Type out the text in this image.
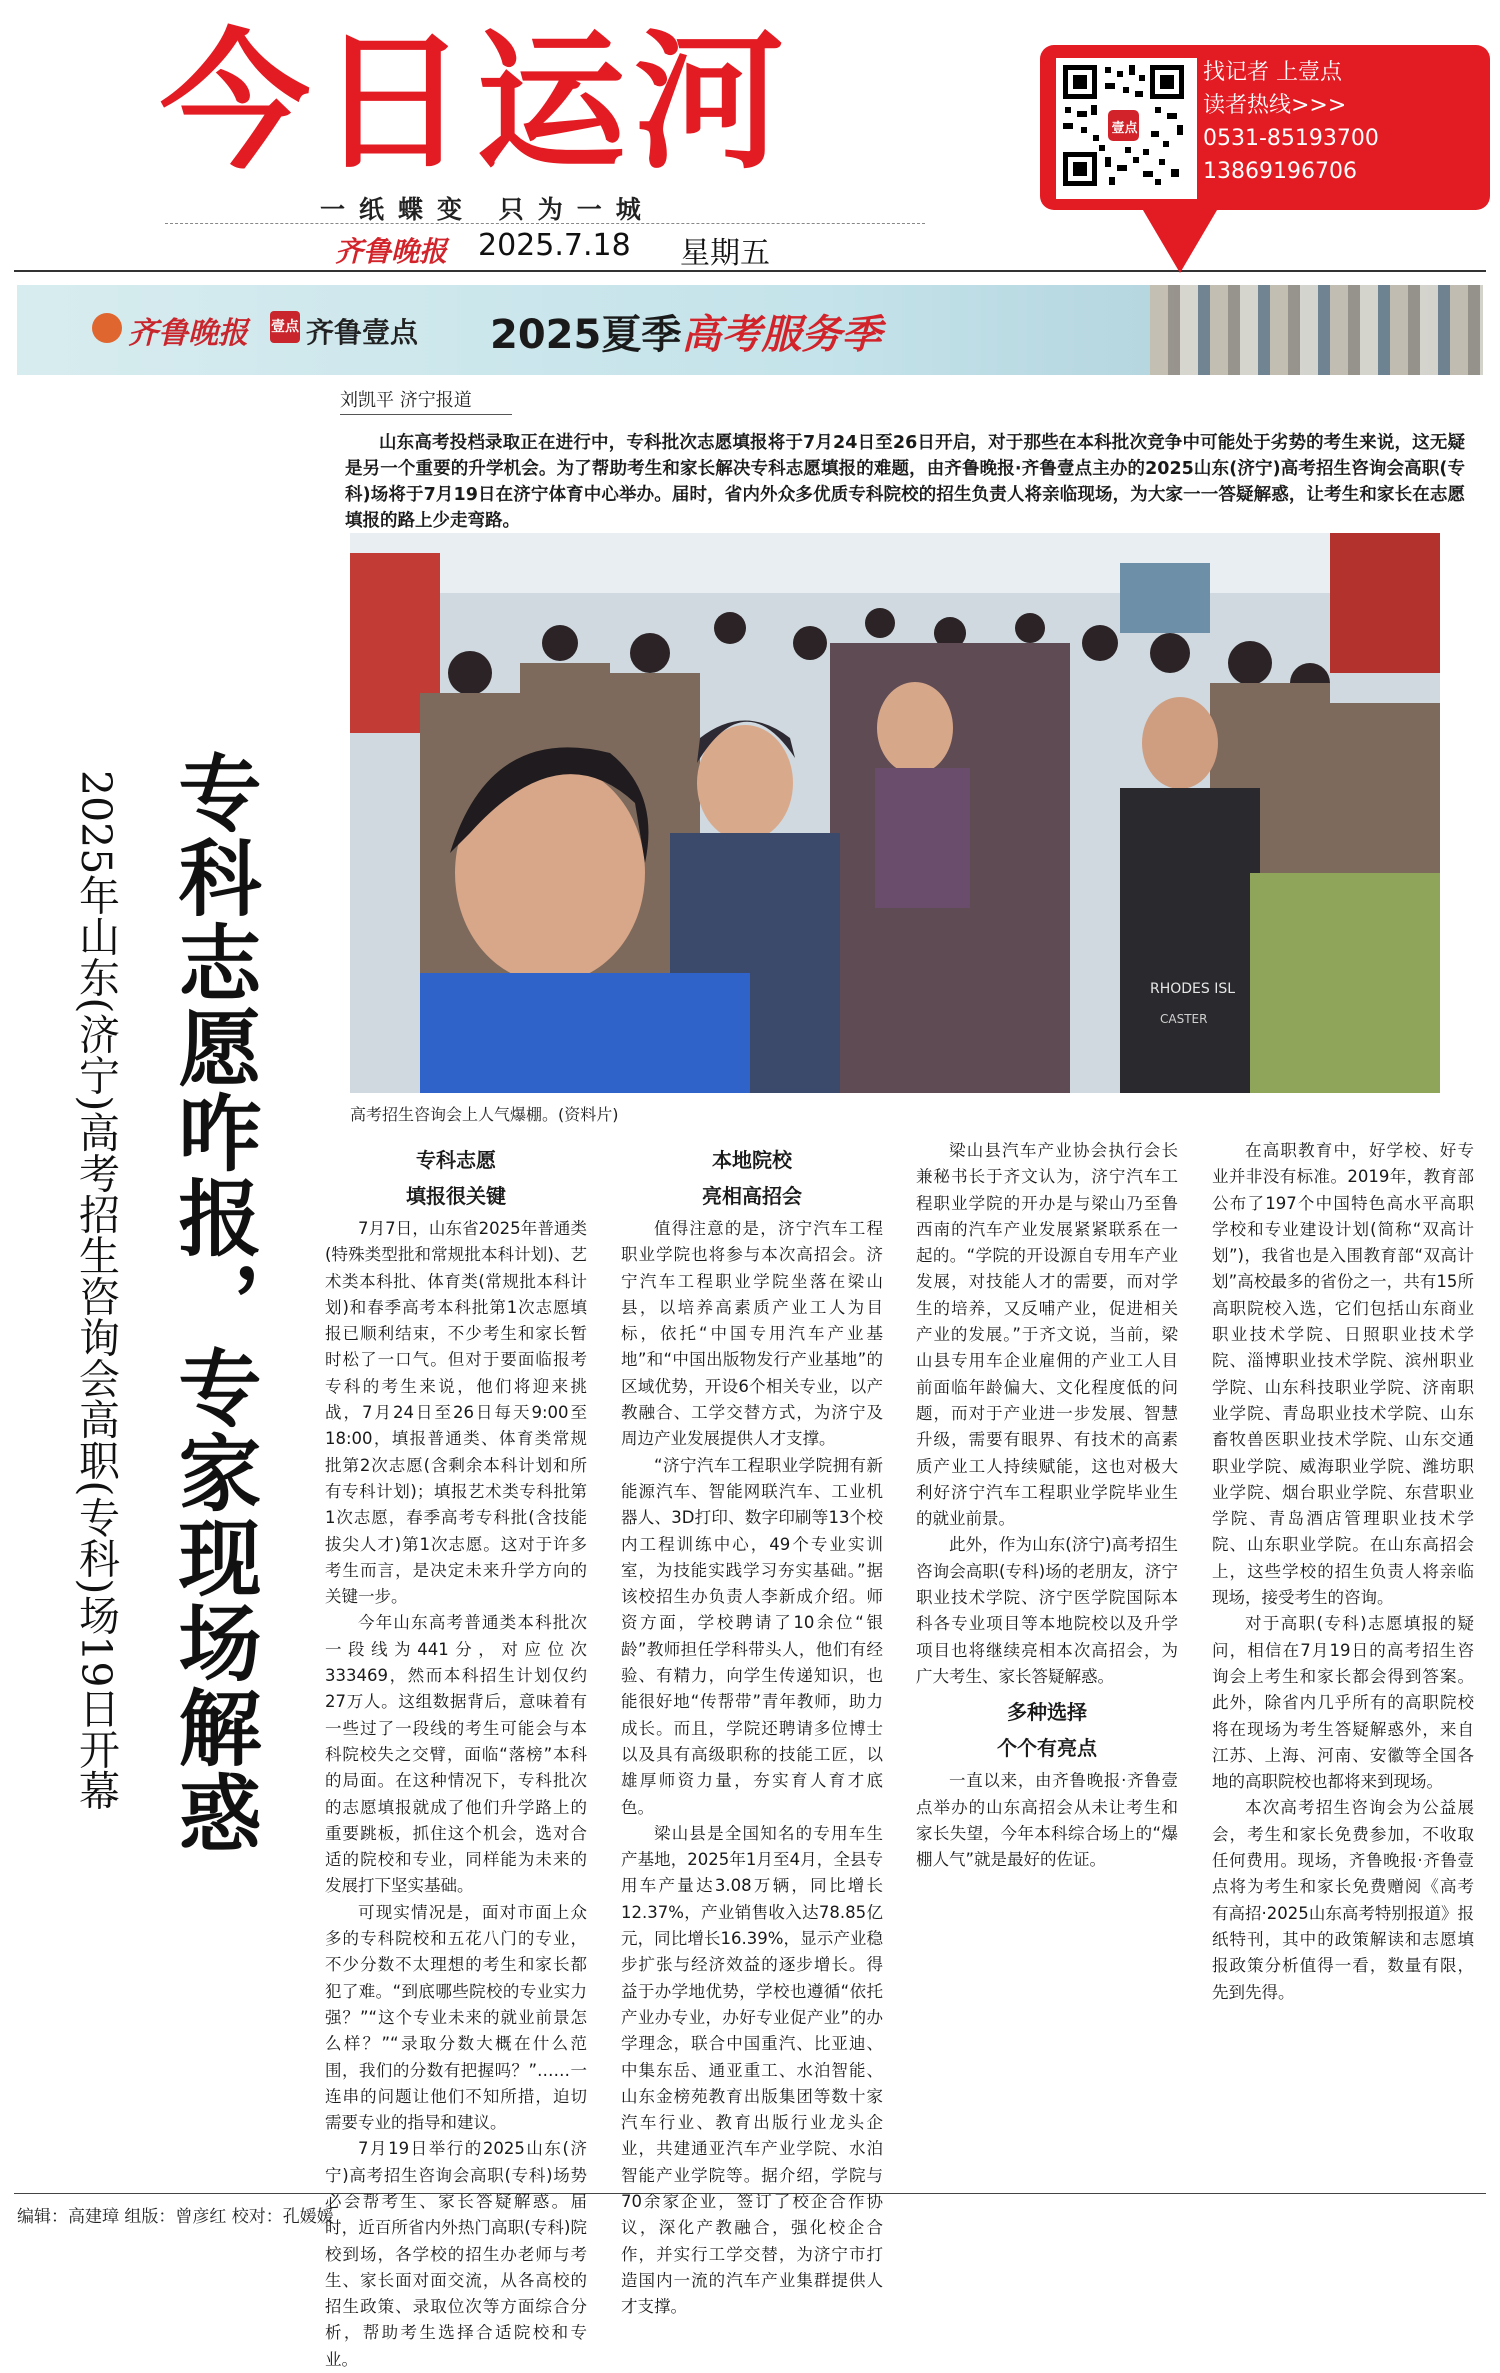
今日运河
一纸蝶变 只为一城
齐鲁晚报 2025.7.18 星期五
壹点
找记者 上壹点
读者热线>>>
0531-85193700
13869196706
齐鲁晚报 壹点 齐鲁壹点 2025夏季高考服务季
刘凯平 济宁报道
山东高考投档录取正在进行中，专科批次志愿填报将于7月24日至26日开启，对于那些在本科批次竞争中可能处于劣势的考生来说，这无疑是另一个重要的升学机会。为了帮助考生和家长解决专科志愿填报的难题，由齐鲁晚报·齐鲁壹点主办的2025山东(济宁)高考招生咨询会高职(专科)场将于7月19日在济宁体育中心举办。届时，省内外众多优质专科院校的招生负责人将亲临现场，为大家一一答疑解惑，让考生和家长在志愿填报的路上少走弯路。
RHODES ISL
CASTER
高考招生咨询会上人气爆棚。(资料片)
专科志愿咋报，专家现场解惑
2025年山东(济宁)高考招生咨询会高职(专科)场19日开幕	专科志愿
填报很关键

7月7日，山东省2025年普通类(特殊类型批和常规批本科计划)、艺术类本科批、体育类(常规批本科计划)和春季高考本科批第1次志愿填报已顺利结束，不少考生和家长暂时松了一口气。但对于要面临报考专科的考生来说，他们将迎来挑战，7月24日至26日每天9:00至18:00，填报普通类、体育类常规批第2次志愿(含剩余本科计划和所有专科计划)；填报艺术类专科批第1次志愿，春季高考专科批(含技能拔尖人才)第1次志愿。这对于许多考生而言，是决定未来升学方向的关键一步。

今年山东高考普通类本科批次一段线为441分，对应位次333469，然而本科招生计划仅约27万人。这组数据背后，意味着有一些过了一段线的考生可能会与本科院校失之交臂，面临“落榜”本科的局面。在这种情况下，专科批次的志愿填报就成了他们升学路上的重要跳板，抓住这个机会，选对合适的院校和专业，同样能为未来的发展打下坚实基础。

可现实情况是，面对市面上众多的专科院校和五花八门的专业，不少分数不太理想的考生和家长都犯了难。“到底哪些院校的专业实力强？”“这个专业未来的就业前景怎么样？”“录取分数大概在什么范围，我们的分数有把握吗？”……一连串的问题让他们不知所措，迫切需要专业的指导和建议。

7月19日举行的2025山东(济宁)高考招生咨询会高职(专科)场势必会帮考生、家长答疑解惑。届时，近百所省内外热门高职(专科)院校到场，各学校的招生办老师与考生、家长面对面交流，从各高校的招生政策、录取位次等方面综合分析，帮助考生选择合适院校和专业。

本地院校
亮相高招会

值得注意的是，济宁汽车工程职业学院也将参与本次高招会。济宁汽车工程职业学院坐落在梁山县，以培养高素质产业工人为目标，依托“中国专用汽车产业基地”和“中国出版物发行产业基地”的区域优势，开设6个相关专业，以产教融合、工学交替方式，为济宁及周边产业发展提供人才支撑。

“济宁汽车工程职业学院拥有新能源汽车、智能网联汽车、工业机器人、3D打印、数字印刷等13个校内工程训练中心，49个专业实训室，为技能实践学习夯实基础。”据该校招生办负责人李新成介绍。师资方面，学校聘请了10余位“银龄”教师担任学科带头人，他们有经验、有精力，向学生传递知识，也能很好地“传帮带”青年教师，助力成长。而且，学院还聘请多位博士以及具有高级职称的技能工匠，以雄厚师资力量，夯实育人育才底色。

梁山县是全国知名的专用车生产基地，2025年1月至4月，全县专用车产量达3.08万辆，同比增长12.37%，产业销售收入达78.85亿元，同比增长16.39%，显示产业稳步扩张与经济效益的逐步增长。得益于办学地优势，学校也遵循“依托产业办专业，办好专业促产业”的办学理念，联合中国重汽、比亚迪、中集东岳、通亚重工、水泊智能、山东金榜苑教育出版集团等数十家汽车行业、教育出版行业龙头企业，共建通亚汽车产业学院、水泊智能产业学院等。据介绍，学院与70余家企业，签订了校企合作协议，深化产教融合，强化校企合作，并实行工学交替，为济宁市打造国内一流的汽车产业集群提供人才支撑。

梁山县汽车产业协会执行会长兼秘书长于齐文认为，济宁汽车工程职业学院的开办是与梁山乃至鲁西南的汽车产业发展紧紧联系在一起的。“学院的开设源自专用车产业发展，对技能人才的需要，而对学生的培养，又反哺产业，促进相关产业的发展。”于齐文说，当前，梁山县专用车企业雇佣的产业工人目前面临年龄偏大、文化程度低的问题，而对于产业进一步发展、智慧升级，需要有眼界、有技术的高素质产业工人持续赋能，这也对极大利好济宁汽车工程职业学院毕业生的就业前景。

此外，作为山东(济宁)高考招生咨询会高职(专科)场的老朋友，济宁职业技术学院、济宁医学院国际本科各专业项目等本地院校以及升学项目也将继续亮相本次高招会，为广大考生、家长答疑解惑。

多种选择
个个有亮点

一直以来，由齐鲁晚报·齐鲁壹点举办的山东高招会从未让考生和家长失望，今年本科综合场上的“爆棚人气”就是最好的佐证。

在高职教育中，好学校、好专业并非没有标准。2019年，教育部公布了197个中国特色高水平高职学校和专业建设计划(简称“双高计划”)，我省也是入围教育部“双高计划”高校最多的省份之一，共有15所高职院校入选，它们包括山东商业职业技术学院、日照职业技术学院、淄博职业技术学院、滨州职业学院、山东科技职业学院、济南职业学院、青岛职业技术学院、山东畜牧兽医职业技术学院、山东交通职业学院、威海职业学院、潍坊职业学院、烟台职业学院、东营职业学院、青岛酒店管理职业技术学院、山东职业学院。在山东高招会上，这些学校的招生负责人将亲临现场，接受考生的咨询。

对于高职(专科)志愿填报的疑问，相信在7月19日的高考招生咨询会上考生和家长都会得到答案。此外，除省内几乎所有的高职院校将在现场为考生答疑解惑外，来自江苏、上海、河南、安徽等全国各地的高职院校也都将来到现场。

本次高考招生咨询会为公益展会，考生和家长免费参加，不收取任何费用。现场，齐鲁晚报·齐鲁壹点将为考生和家长免费赠阅《高考有高招·2025山东高考特别报道》报纸特刊，其中的政策解读和志愿填报政策分析值得一看，数量有限，先到先得。

编辑：高建璋 组版：曾彦红 校对：孔媛媛
